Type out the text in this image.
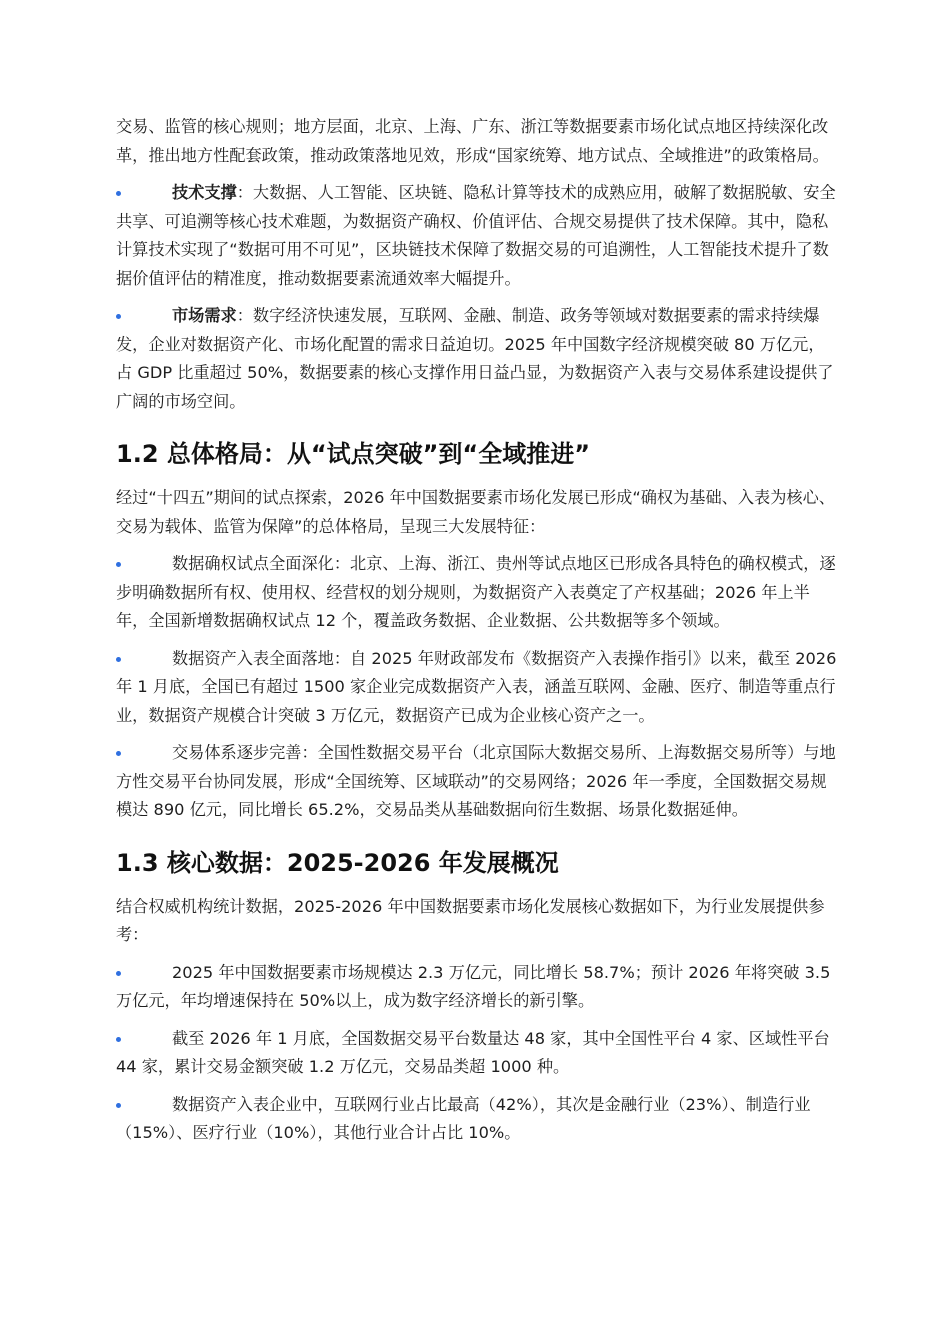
交易、监管的核心规则；地方层面，北京、上海、广东、浙江等数据要素市场化试点地区持续深化改革，推出地方性配套政策，推动政策落地见效，形成“国家统筹、地方试点、全域推进”的政策格局。

技术支撑：大数据、人工智能、区块链、隐私计算等技术的成熟应用，破解了数据脱敏、安全共享、可追溯等核心技术难题，为数据资产确权、价值评估、合规交易提供了技术保障。其中，隐私计算技术实现了“数据可用不可见”，区块链技术保障了数据交易的可追溯性，人工智能技术提升了数据价值评估的精准度，推动数据要素流通效率大幅提升。
市场需求：数字经济快速发展，互联网、金融、制造、政务等领域对数据要素的需求持续爆发，企业对数据资产化、市场化配置的需求日益迫切。2025 年中国数字经济规模突破 80 万亿元，占 GDP 比重超过 50%，数据要素的核心支撑作用日益凸显，为数据资产入表与交易体系建设提供了广阔的市场空间。
1.2 总体格局：从“试点突破”到“全域推进”

经过“十四五”期间的试点探索，2026 年中国数据要素市场化发展已形成“确权为基础、入表为核心、交易为载体、监管为保障”的总体格局，呈现三大发展特征：

数据确权试点全面深化：北京、上海、浙江、贵州等试点地区已形成各具特色的确权模式，逐步明确数据所有权、使用权、经营权的划分规则，为数据资产入表奠定了产权基础；2026 年上半年，全国新增数据确权试点 12 个，覆盖政务数据、企业数据、公共数据等多个领域。
数据资产入表全面落地：自 2025 年财政部发布《数据资产入表操作指引》以来，截至 2026 年 1 月底，全国已有超过 1500 家企业完成数据资产入表，涵盖互联网、金融、医疗、制造等重点行业，数据资产规模合计突破 3 万亿元，数据资产已成为企业核心资产之一。
交易体系逐步完善：全国性数据交易平台（北京国际大数据交易所、上海数据交易所等）与地方性交易平台协同发展，形成“全国统筹、区域联动”的交易网络；2026 年一季度，全国数据交易规模达 890 亿元，同比增长 65.2%，交易品类从基础数据向衍生数据、场景化数据延伸。
1.3 核心数据：2025-2026 年发展概况

结合权威机构统计数据，2025-2026 年中国数据要素市场化发展核心数据如下，为行业发展提供参考：

2025 年中国数据要素市场规模达 2.3 万亿元，同比增长 58.7%；预计 2026 年将突破 3.5 万亿元，年均增速保持在 50%以上，成为数字经济增长的新引擎。
截至 2026 年 1 月底，全国数据交易平台数量达 48 家，其中全国性平台 4 家、区域性平台 44 家，累计交易金额突破 1.2 万亿元，交易品类超 1000 种。
数据资产入表企业中，互联网行业占比最高（42%），其次是金融行业（23%）、制造行业（15%）、医疗行业（10%），其他行业合计占比 10%。
